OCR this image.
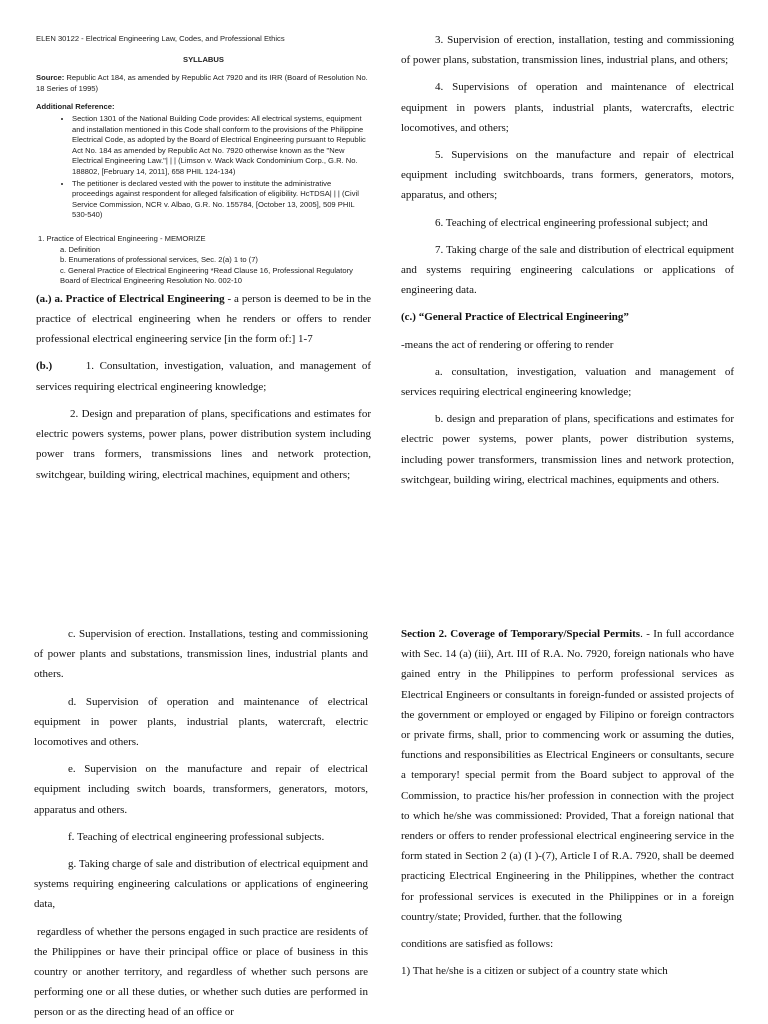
ELEN 30122 - Electrical Engineering Law, Codes, and Professional Ethics

SYLLABUS

Source: Republic Act 184, as amended by Republic Act 7920 and its IRR (Board of Resolution No. 18 Series of 1995)

Additional Reference:

• Section 1301 of the National Building Code provides: All electrical systems, equipment and installation mentioned in this Code shall conform to the provisions of the Philippine Electrical Code, as adopted by the Board of Electrical Engineering pursuant to Republic Act No. 184 as amended by Republic Act No. 7920 otherwise known as the "New Electrical Engineering Law."| | | (Limson v. Wack Wack Condominium Corp., G.R. No. 188802, [February 14, 2011], 658 PHIL 124-134)
• The petitioner is declared vested with the power to institute the administrative proceedings against respondent for alleged falsification of eligibility. HcTDSA| | | (Civil Service Commission, NCR v. Albao, G.R. No. 155784, [October 13, 2005], 509 PHIL 530-540)

1. Practice of Electrical Engineering - MEMORIZE

a. Definition
b. Enumerations of professional services, Sec. 2(a) 1 to (7)
c. General Practice of Electrical Engineering *Read Clause 16, Professional Regulatory Board of Electrical Engineering Resolution No. 002-10

(a.) a. Practice of Electrical Engineering - a person is deemed to be in the practice of electrical engineering when he renders or offers to render professional electrical engineering service [in the form of:] 1-7

(b.)      1. Consultation, investigation, valuation, and management of services requiring electrical engineering knowledge;

2. Design and preparation of plans, specifications and estimates for electric powers systems, power plans, power distribution system including power trans formers, transmissions lines and network protection, switchgear, building wiring, electrical machines, equipment and others;

3. Supervision of erection, installation, testing and commissioning of power plans, substation, transmission lines, industrial plans, and others;

4. Supervisions of operation and maintenance of electrical equipment in powers plants, industrial plants, watercrafts, electric locomotives, and others;

5. Supervisions on the manufacture and repair of electrical equipment including switchboards, trans formers, generators, motors, apparatus, and others;

6. Teaching of electrical engineering professional subject; and

7. Taking charge of the sale and distribution of electrical equipment and systems requiring engineering calculations or applications of engineering data.

(c.) “General Practice of Electrical Engineering”

-means the act of rendering or offering to render

a. consultation, investigation, valuation and management of services requiring electrical engineering knowledge;

b. design and preparation of plans, specifications and estimates for electric power systems, power plants, power distribution systems, including power transformers, transmission lines and network protection, switchgear, building wiring, electrical machines, equipments and others.

c. Supervision of erection. Installations, testing and commissioning of power plants and substations, transmission lines, industrial plants and others.

d. Supervision of operation and maintenance of electrical equipment in power plants, industrial plants, watercraft, electric locomotives and others.

e. Supervision on the manufacture and repair of electrical equipment including switch boards, transformers, generators, motors, apparatus and others.

f. Teaching of electrical engineering professional subjects.

g. Taking charge of sale and distribution of electrical equipment and systems requiring engineering calculations or applications of engineering data,

regardless of whether the persons engaged in such practice are residents of the Philippines or have their principal office or place of business in this country or another territory, and regardless of whether such persons are performing one or all these duties, or whether such duties are performed in person or as the directing head of an office or

Section 2. Coverage of Temporary/Special Permits. - In full accordance with Sec. 14 (a) (iii), Art. III of R.A. No. 7920, foreign nationals who have gained entry in the Philippines to perform professional services as Electrical Engineers or consultants in foreign-funded or assisted projects of the government or employed or engaged by Filipino or foreign contractors or private firms, shall, prior to commencing work or assuming the duties, functions and responsibilities as Electrical Engineers or consultants, secure a temporary! special permit from the Board subject to approval of the Commission, to practice his/her profession in connection with the project to which he/she was commissioned: Provided, That a foreign national that renders or offers to render professional electrical engineering service in the form stated in Section 2 (a) (I )-(7), Article I of R.A. 7920, shall be deemed practicing Electrical Engineering in the Philippines, whether the contract for professional services is executed in the Philippines or in a foreign country/state; Provided, further. that the following

conditions are satisfied as follows:

1) That he/she is a citizen or subject of a country state which
